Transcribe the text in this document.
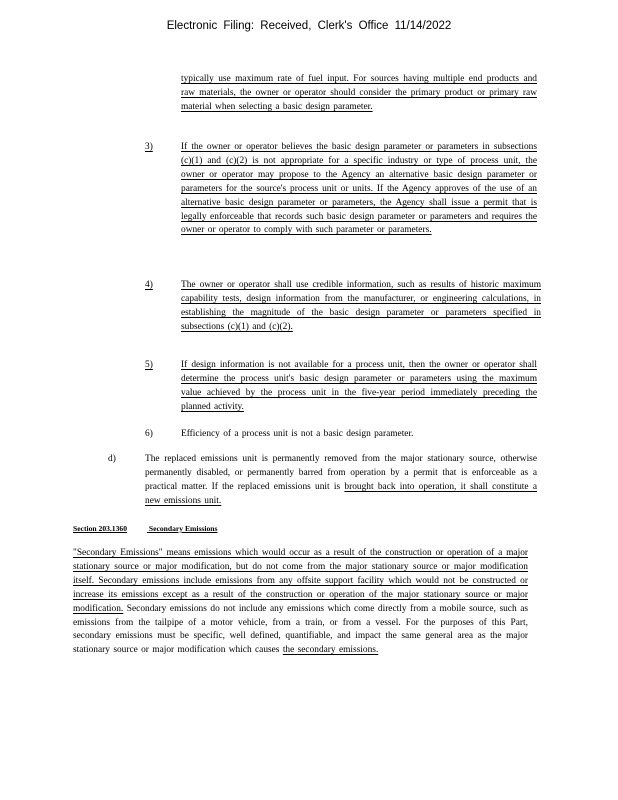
Electronic Filing: Received, Clerk's Office 11/14/2022
typically use maximum rate of fuel input. For sources having multiple end products and raw materials, the owner or operator should consider the primary product or primary raw material when selecting a basic design parameter.
3)	If the owner or operator believes the basic design parameter or parameters in subsections (c)(1) and (c)(2) is not appropriate for a specific industry or type of process unit, the owner or operator may propose to the Agency an alternative basic design parameter or parameters for the source's process unit or units. If the Agency approves of the use of an alternative basic design parameter or parameters, the Agency shall issue a permit that is legally enforceable that records such basic design parameter or parameters and requires the owner or operator to comply with such parameter or parameters.
4)	The owner or operator shall use credible information, such as results of historic maximum capability tests, design information from the manufacturer, or engineering calculations, in establishing the magnitude of the basic design parameter or parameters specified in subsections (c)(1) and (c)(2).
5)	If design information is not available for a process unit, then the owner or operator shall determine the process unit's basic design parameter or parameters using the maximum value achieved by the process unit in the five-year period immediately preceding the planned activity.
6)	Efficiency of a process unit is not a basic design parameter.
d)	The replaced emissions unit is permanently removed from the major stationary source, otherwise permanently disabled, or permanently barred from operation by a permit that is enforceable as a practical matter. If the replaced emissions unit is brought back into operation, it shall constitute a new emissions unit.
Section 203.1360	Secondary Emissions
"Secondary Emissions" means emissions which would occur as a result of the construction or operation of a major stationary source or major modification, but do not come from the major stationary source or major modification itself. Secondary emissions include emissions from any offsite support facility which would not be constructed or increase its emissions except as a result of the construction or operation of the major stationary source or major modification. Secondary emissions do not include any emissions which come directly from a mobile source, such as emissions from the tailpipe of a motor vehicle, from a train, or from a vessel. For the purposes of this Part, secondary emissions must be specific, well defined, quantifiable, and impact the same general area as the major stationary source or major modification which causes the secondary emissions.
